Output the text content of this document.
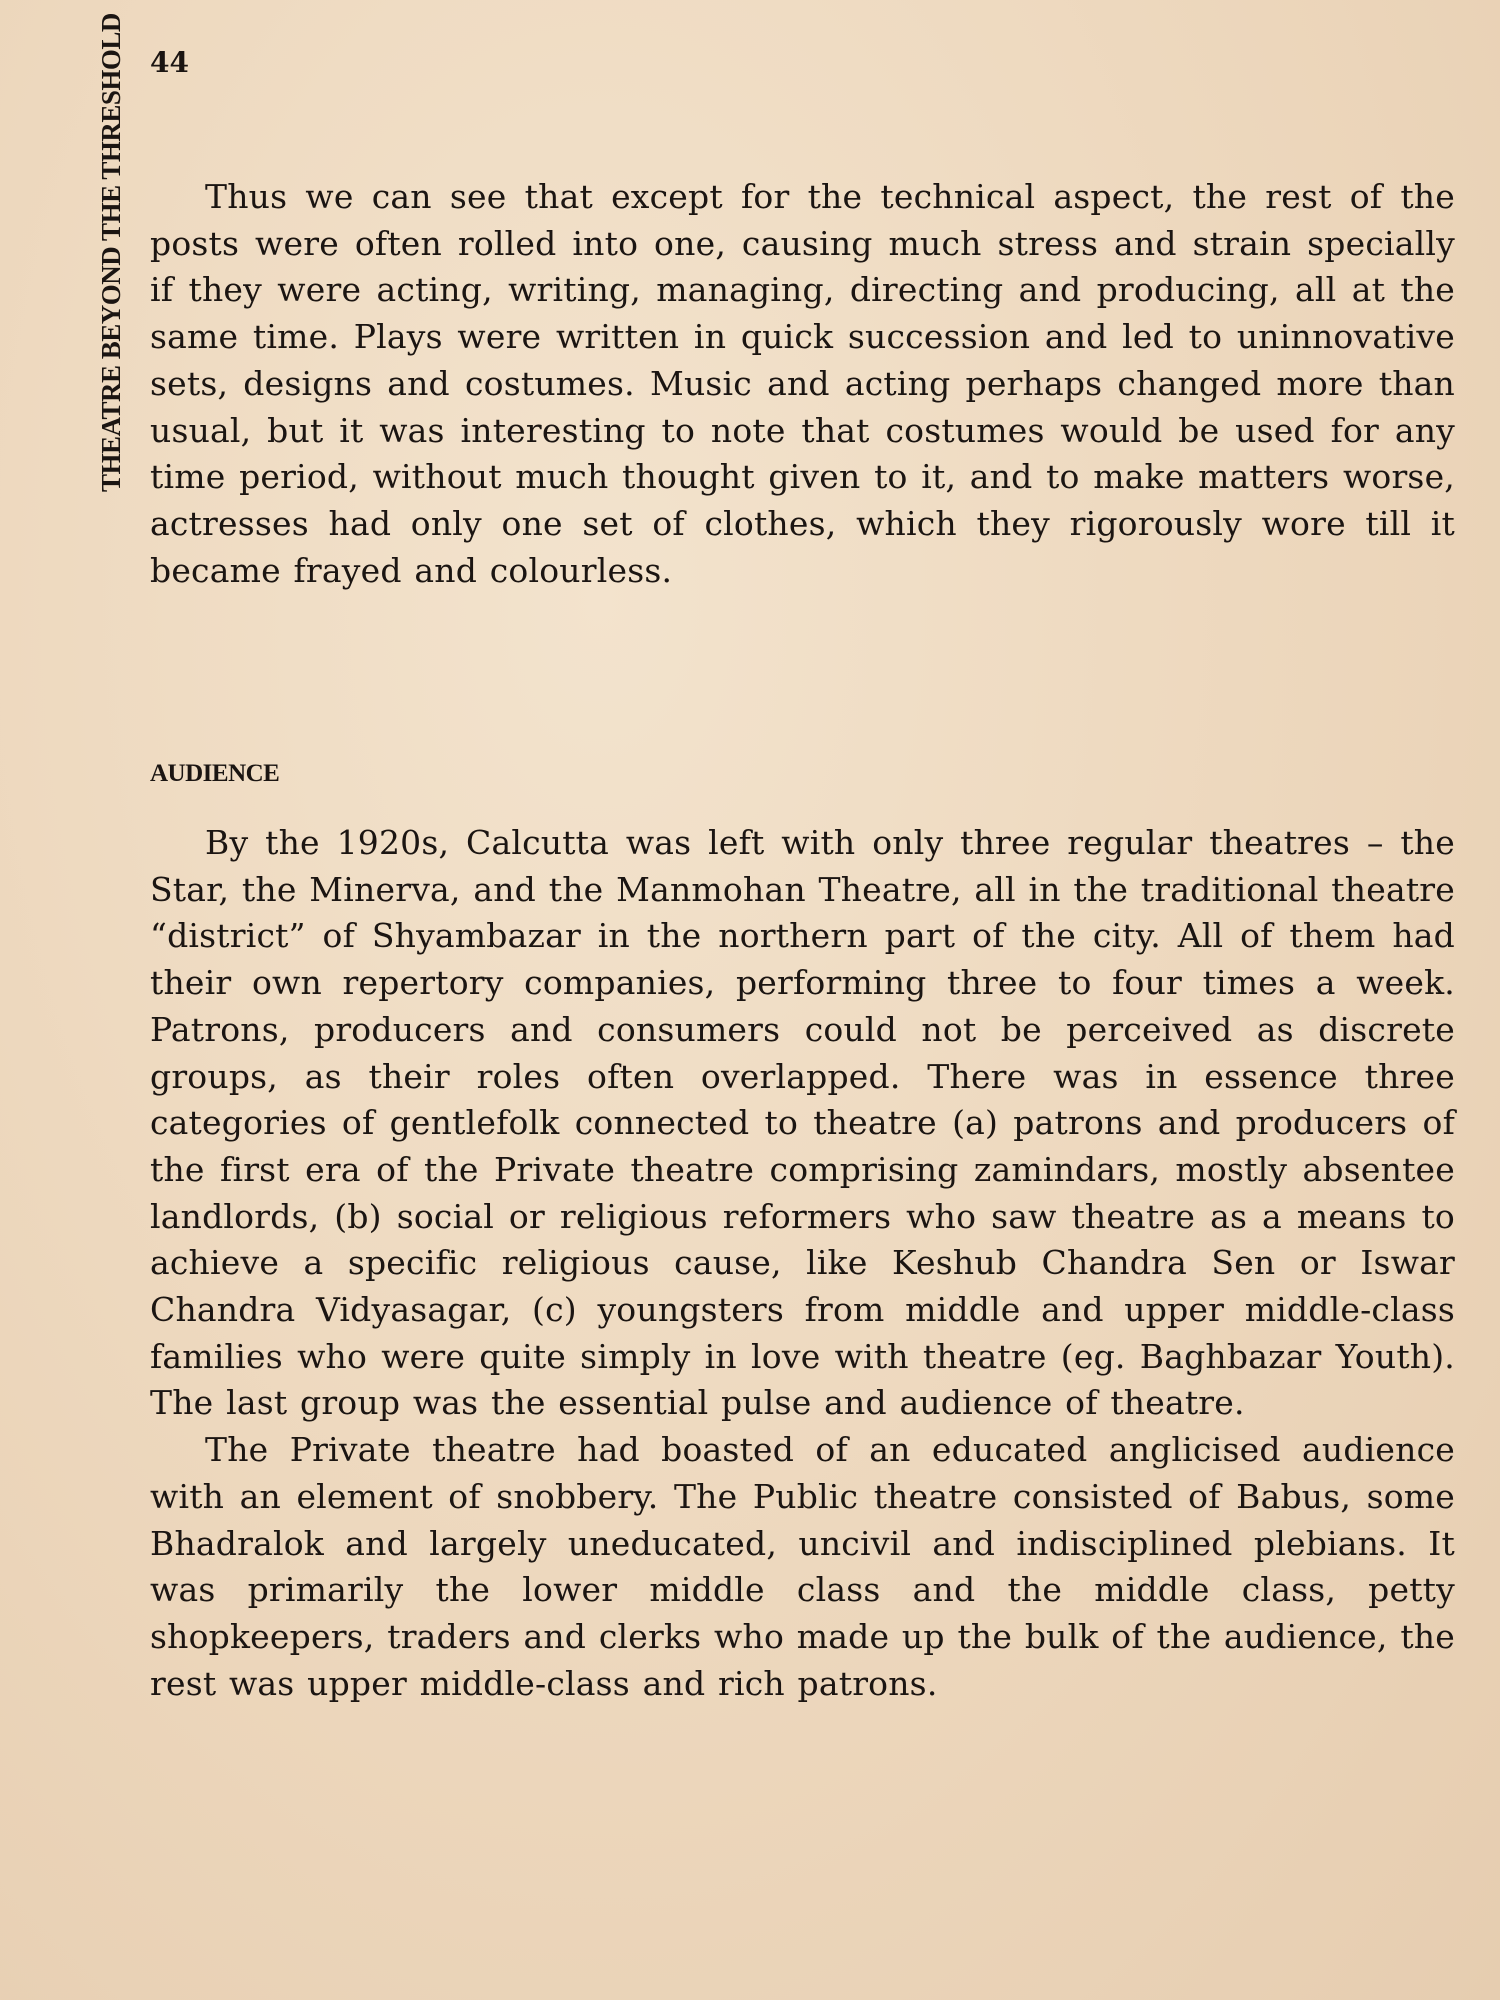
THEATRE BEYOND THE THRESHOLD 44

Thus we can see that except for the technical aspect, the rest of the posts were often rolled into one, causing much stress and strain specially if they were acting, writing, managing, directing and producing, all at the same time. Plays were written in quick succession and led to uninnovative sets, designs and costumes. Music and acting perhaps changed more than usual, but it was interesting to note that costumes would be used for any time period, without much thought given to it, and to make matters worse, actresses had only one set of clothes, which they rigorously wore till it became frayed and colourless.

AUDIENCE

By the 1920s, Calcutta was left with only three regular theatres – the Star, the Minerva, and the Manmohan Theatre, all in the traditional theatre “district” of Shyambazar in the northern part of the city. All of them had their own repertory companies, performing three to four times a week. Patrons, producers and consumers could not be perceived as discrete groups, as their roles often overlapped. There was in essence three categories of gentlefolk connected to theatre (a) patrons and producers of the first era of the Private theatre comprising zamindars, mostly absentee landlords, (b) social or religious reformers who saw theatre as a means to achieve a specific religious cause, like Keshub Chandra Sen or Iswar Chandra Vidyasagar, (c) youngsters from middle and upper middle-class families who were quite simply in love with theatre (eg. Baghbazar Youth). The last group was the essential pulse and audience of theatre.

The Private theatre had boasted of an educated anglicised audience with an element of snobbery. The Public theatre consisted of Babus, some Bhadralok and largely uneducated, uncivil and indisciplined plebians. It was primarily the lower middle class and the middle class, petty shopkeepers, traders and clerks who made up the bulk of the audience, the rest was upper middle-class and rich patrons.
